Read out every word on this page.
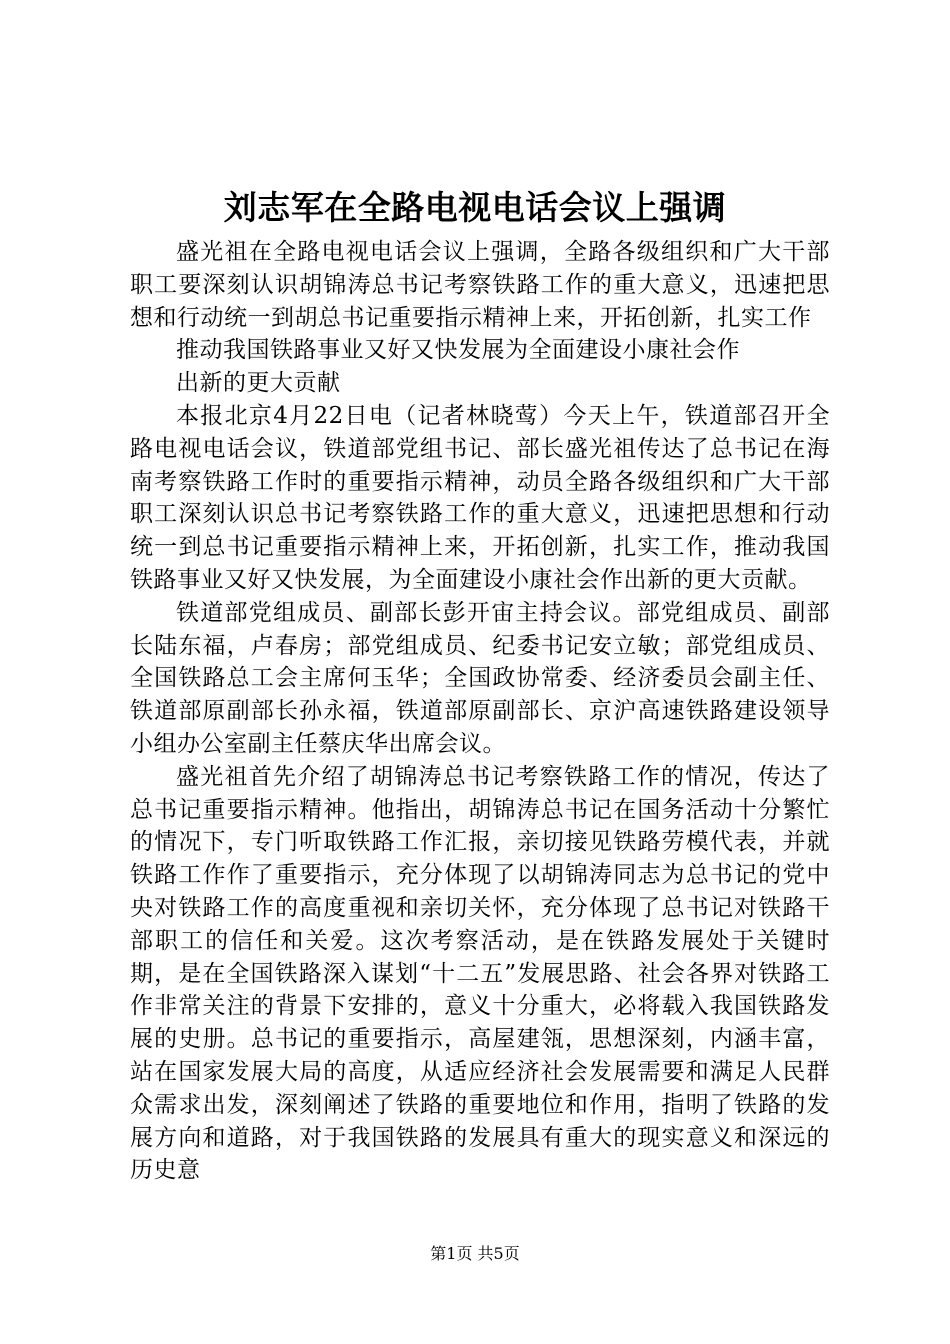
刘志军在全路电视电话会议上强调

盛光祖在全路电视电话会议上强调，全路各级组织和广大干部职工要深刻认识胡锦涛总书记考察铁路工作的重大意义，迅速把思想和行动统一到胡总书记重要指示精神上来，开拓创新，扎实工作

推动我国铁路事业又好又快发展为全面建设小康社会作
出新的更大贡献

本报北京4月22日电（记者林晓莺）今天上午，铁道部召开全路电视电话会议，铁道部党组书记、部长盛光祖传达了总书记在海南考察铁路工作时的重要指示精神，动员全路各级组织和广大干部职工深刻认识总书记考察铁路工作的重大意义，迅速把思想和行动统一到总书记重要指示精神上来，开拓创新，扎实工作，推动我国铁路事业又好又快发展，为全面建设小康社会作出新的更大贡献。

铁道部党组成员、副部长彭开宙主持会议。部党组成员、副部长陆东福，卢春房；部党组成员、纪委书记安立敏；部党组成员、全国铁路总工会主席何玉华；全国政协常委、经济委员会副主任、铁道部原副部长孙永福，铁道部原副部长、京沪高速铁路建设领导小组办公室副主任蔡庆华出席会议。

盛光祖首先介绍了胡锦涛总书记考察铁路工作的情况，传达了总书记重要指示精神。他指出，胡锦涛总书记在国务活动十分繁忙的情况下，专门听取铁路工作汇报，亲切接见铁路劳模代表，并就铁路工作作了重要指示，充分体现了以胡锦涛同志为总书记的党中央对铁路工作的高度重视和亲切关怀，充分体现了总书记对铁路干部职工的信任和关爱。这次考察活动，是在铁路发展处于关键时期，是在全国铁路深入谋划“十二五”发展思路、社会各界对铁路工作非常关注的背景下安排的，意义十分重大，必将载入我国铁路发展的史册。总书记的重要指示，高屋建瓴，思想深刻，内涵丰富，站在国家发展大局的高度，从适应经济社会发展需要和满足人民群众需求出发，深刻阐述了铁路的重要地位和作用，指明了铁路的发展方向和道路，对于我国铁路的发展具有重大的现实意义和深远的历史意

第1页 共5页
